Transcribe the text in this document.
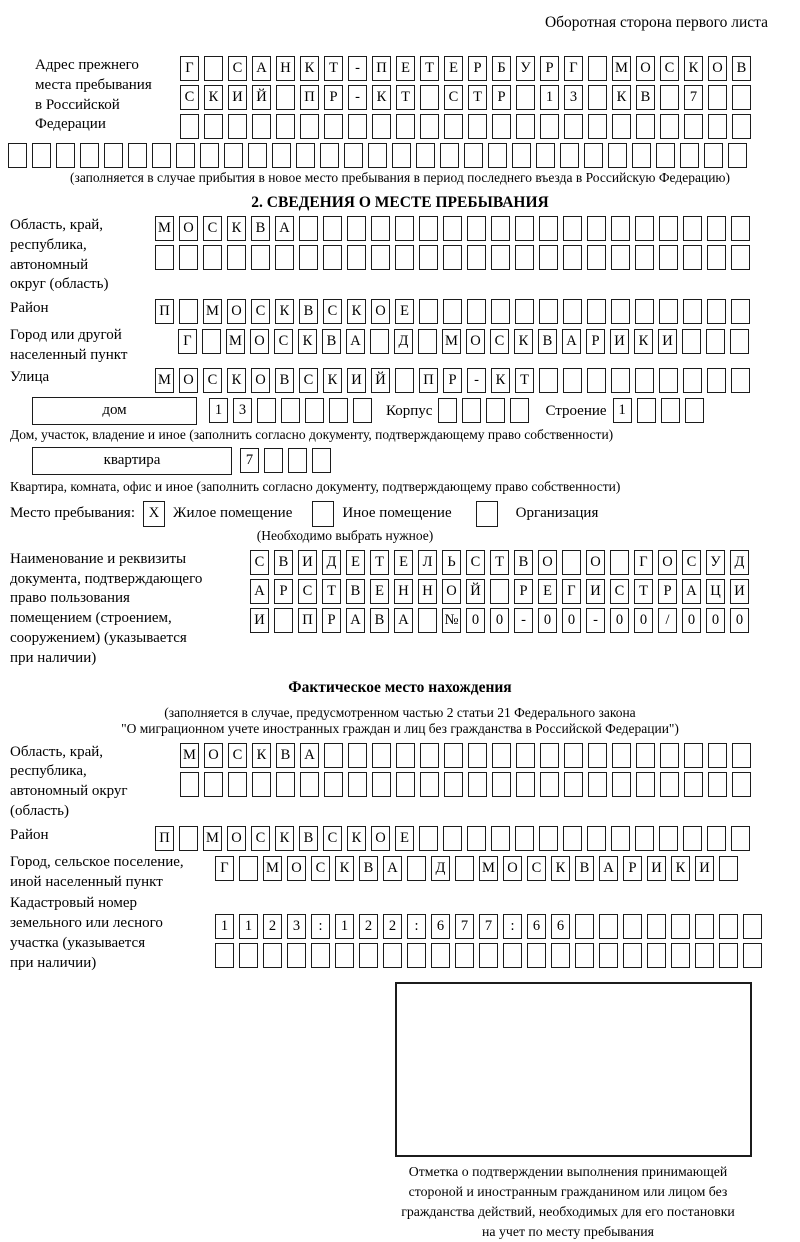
Оборотная сторона первого листа
Адрес прежнего
места пребывания
в Российской
Федерации
Г	С А Н К	Т	-	П Е	Т	Е	Р	Б	У	Р	Г	М О С К О В
С К И Й	П	Р	-	К	Т	С	Т	Р	1	3	К В	7
(заполняется в случае прибытия в новое место пребывания в период последнего въезда в Российскую Федерацию)
2. СВЕДЕНИЯ О МЕСТЕ ПРЕБЫВАНИЯ
Область, край,
республика,
автономный
округ (область)
М О С К В А
Район	П	М О С К В С К О Е
Город или другой
населенный пункт
Г	М О С К В А	Д	М О С К В А	Р	И К И
Улица	М О С К О В С К И Й	П	Р	-	К	Т
дом	1	3	Корпус	Строение 1
Дом, участок, владение и иное (заполнить согласно документу, подтверждающему право собственности)
квартира	7
Квартира, комната, офис и иное (заполнить согласно документу, подтверждающему право собственности)
Место пребывания: X Жилое помещение	Иное помещение	Организация
(Необходимо выбрать нужное)
Наименование и реквизиты
документа, подтверждающего
право пользования
помещением (строением,
сооружением) (указывается
при наличии)
С В И Д	Е	Т	Е	Л	Ь	С	Т	В О	О	Г	О С У Д
А	Р	С	Т	В	Е Н Н О Й	Р	Е	Г	И С	Т	Р	А Ц И
И	П	Р	А В А № 0	0	-	0	0	-	0	0	/	0	0	0
Фактическое место нахождения
(заполняется в случае, предусмотренном частью 2 статьи 21 Федерального закона
"О миграционном учете иностранных граждан и лиц без гражданства в Российской Федерации")
Область, край,
республика,
автономный округ
(область)
М О С К В А
Район	П	М О С К В С К О Е
Город, сельское поселение,
иной населенный пункт
Г	М О С К В А	Д	М О С К В А	Р	И К И
Кадастровый номер
земельного или лесного
участка (указывается
при наличии)
1	1	2	3	:	1	2	2	:	6	7	7	:	6	6
Отметка о подтверждении выполнения принимающей
стороной и иностранным гражданином или лицом без
гражданства действий, необходимых для его постановки
на учет по месту пребывания
